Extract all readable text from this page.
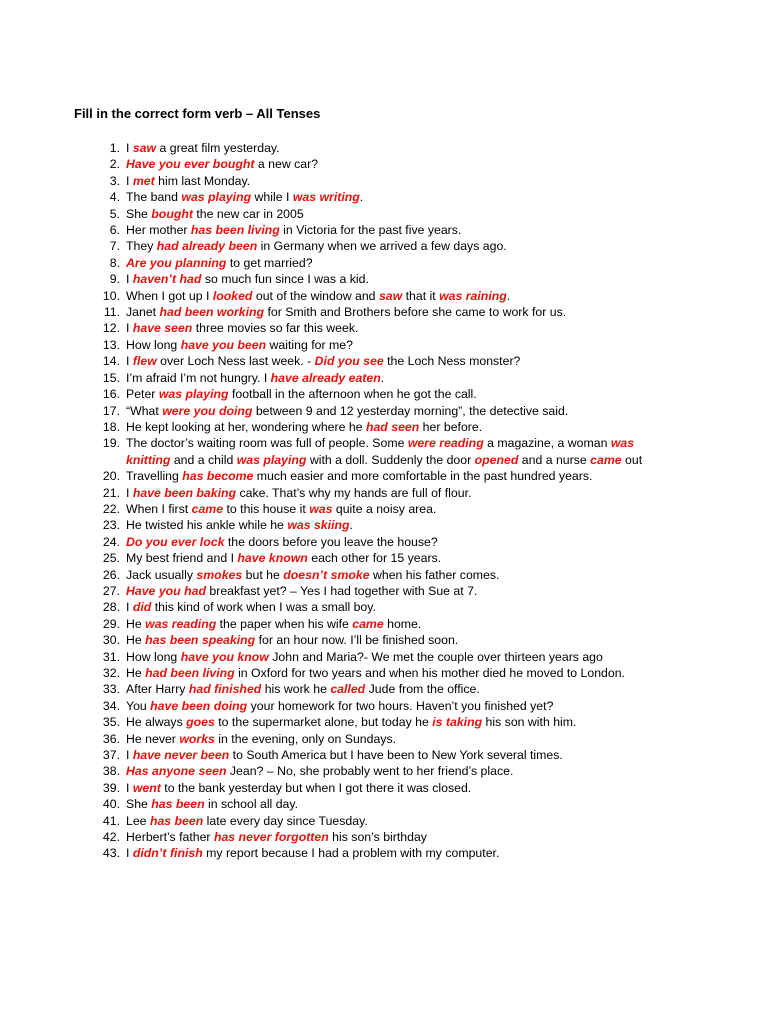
Fill in the correct form verb – All Tenses
1. I saw a great film yesterday.
2. Have you ever bought a new car?
3. I met him last Monday.
4. The band was playing while I was writing.
5. She bought the new car in 2005
6. Her mother has been living in Victoria for the past five years.
7. They had already been in Germany when we arrived a few days ago.
8. Are you planning to get married?
9. I haven’t had so much fun since I was a kid.
10. When I got up I looked out of the window and saw that it was raining.
11. Janet had been working for Smith and Brothers before she came to work for us.
12. I have seen three movies so far this week.
13. How long have you been waiting for me?
14. I flew over Loch Ness last week. - Did you see the Loch Ness monster?
15. I’m afraid I’m not hungry. I have already eaten.
16. Peter was playing football in the afternoon when he got the call.
17. “What were you doing between 9 and 12 yesterday morning”, the detective said.
18. He kept looking at her, wondering where he had seen her before.
19. The doctor’s waiting room was full of people. Some were reading a magazine, a woman was
knitting and a child was playing with a doll. Suddenly the door opened and a nurse came out
20. Travelling has become much easier and more comfortable in the past hundred years.
21. I have been baking cake. That’s why my hands are full of flour.
22. When I first came to this house it was quite a noisy area.
23. He twisted his ankle while he was skiing.
24. Do you ever lock the doors before you leave the house?
25. My best friend and I have known each other for 15 years.
26. Jack usually smokes but he doesn’t smoke when his father comes.
27. Have you had breakfast yet? – Yes I had together with Sue at 7.
28. I did this kind of work when I was a small boy.
29. He was reading the paper when his wife came home.
30. He has been speaking for an hour now. I’ll be finished soon.
31. How long have you know John and Maria?- We met the couple over thirteen years ago
32. He had been living in Oxford for two years and when his mother died he moved to London.
33. After Harry had finished his work he called Jude from the office.
34. You have been doing your homework for two hours. Haven’t you finished yet?
35. He always goes to the supermarket alone, but today he is taking his son with him.
36. He never works in the evening, only on Sundays.
37. I have never been to South America but I have been to New York several times.
38. Has anyone seen Jean? – No, she probably went to her friend’s place.
39. I went to the bank yesterday but when I got there it was closed.
40. She has been in school all day.
41. Lee has been late every day since Tuesday.
42. Herbert’s father has never forgotten his son’s birthday
43. I didn’t finish my report because I had a problem with my computer.
